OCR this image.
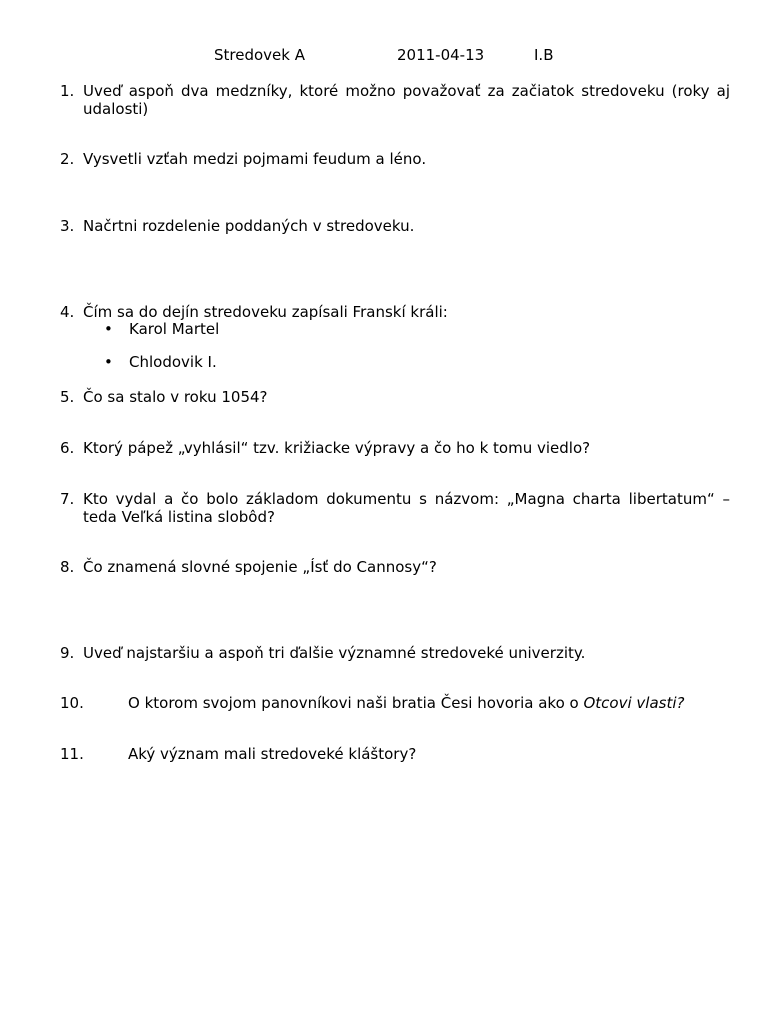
Stredovek A	2011-04-13	I.B
1. Uveď aspoň dva medzníky, ktoré možno považovať za začiatok stredoveku (roky aj udalosti)
2. Vysvetli vzťah medzi pojmami feudum a léno.
3. Načrtni rozdelenie poddaných v stredoveku.
4. Čím sa do dejín stredoveku zapísali Franskí králi:
• Karol Martel
• Chlodovik I.
5. Čo sa stalo v roku 1054?
6. Ktorý pápež „vyhlásil“ tzv. križiacke výpravy a čo ho k tomu viedlo?
7. Kto vydal a čo bolo základom dokumentu s názvom: „Magna charta libertatum“ – teda Veľká listina slobôd?
8. Čo znamená slovné spojenie „Ísť do Cannosy“?
9. Uveď najstaršiu a aspoň tri ďalšie významné stredoveké univerzity.
10.	O ktorom svojom panovníkovi naši bratia Česi hovoria ako o Otcovi vlasti?
11.	Aký význam mali stredoveké kláštory?
